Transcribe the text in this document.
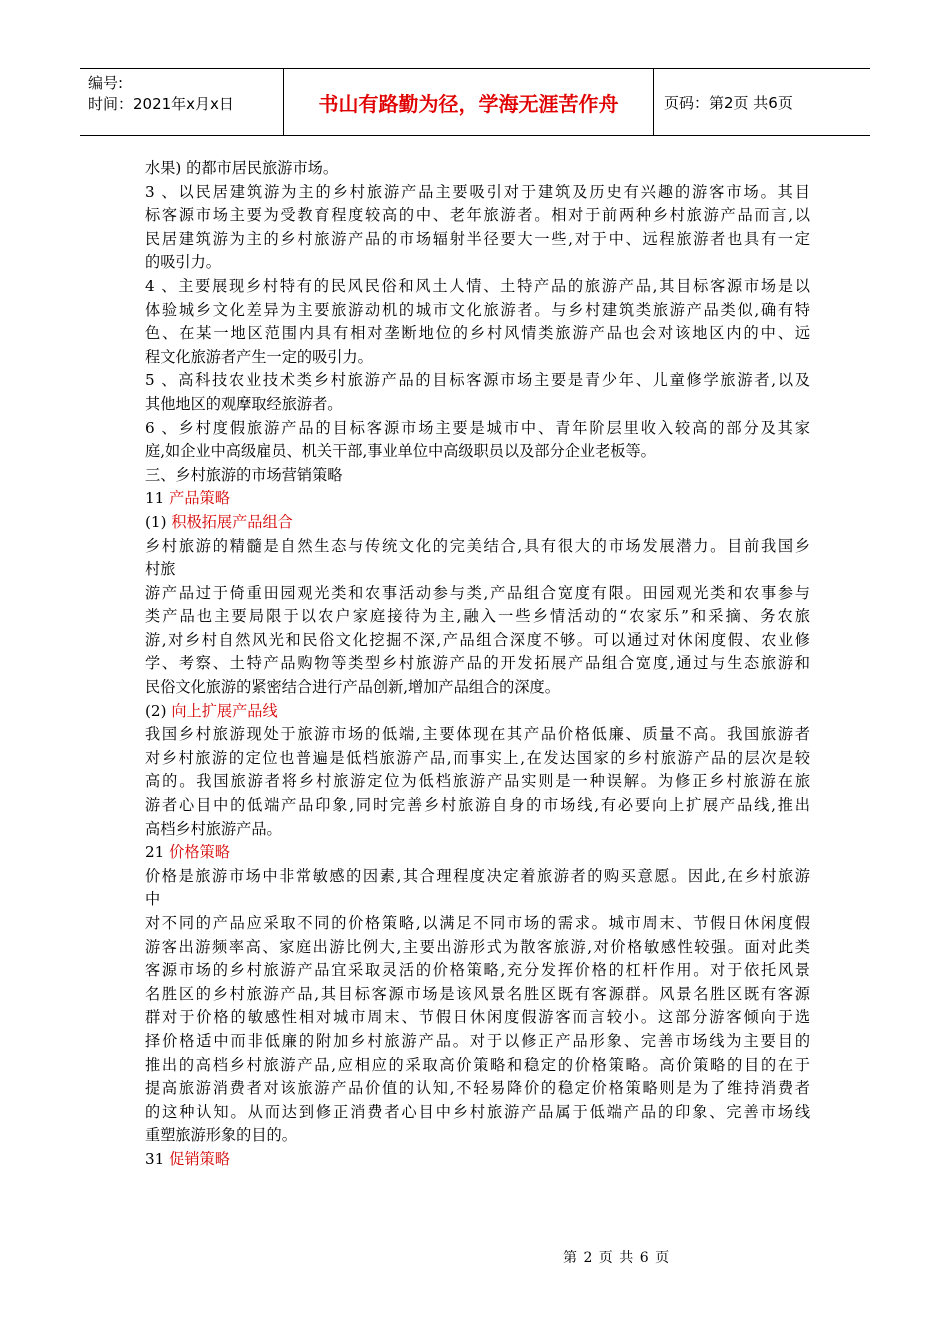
编号:
时间：2021年x月x日	书山有路勤为径，学海无涯苦作舟	页码：第2页 共6页
水果) 的都市居民旅游市场。
3 、以民居建筑游为主的乡村旅游产品主要吸引对于建筑及历史有兴趣的游客市场。其目
标客源市场主要为受教育程度较高的中、老年旅游者。相对于前两种乡村旅游产品而言,以
民居建筑游为主的乡村旅游产品的市场辐射半径要大一些,对于中、远程旅游者也具有一定
的吸引力。
4 、主要展现乡村特有的民风民俗和风土人情、土特产品的旅游产品,其目标客源市场是以
体验城乡文化差异为主要旅游动机的城市文化旅游者。与乡村建筑类旅游产品类似,确有特
色、在某一地区范围内具有相对垄断地位的乡村风情类旅游产品也会对该地区内的中、远
程文化旅游者产生一定的吸引力。
5 、高科技农业技术类乡村旅游产品的目标客源市场主要是青少年、儿童修学旅游者,以及
其他地区的观摩取经旅游者。
6 、乡村度假旅游产品的目标客源市场主要是城市中、青年阶层里收入较高的部分及其家
庭,如企业中高级雇员、机关干部,事业单位中高级职员以及部分企业老板等。
三、乡村旅游的市场营销策略
11 产品策略
(1) 积极拓展产品组合
乡村旅游的精髓是自然生态与传统文化的完美结合,具有很大的市场发展潜力。目前我国乡
村旅
游产品过于倚重田园观光类和农事活动参与类,产品组合宽度有限。田园观光类和农事参与
类产品也主要局限于以农户家庭接待为主,融入一些乡情活动的“农家乐”和采摘、务农旅
游,对乡村自然风光和民俗文化挖掘不深,产品组合深度不够。可以通过对休闲度假、农业修
学、考察、土特产品购物等类型乡村旅游产品的开发拓展产品组合宽度,通过与生态旅游和
民俗文化旅游的紧密结合进行产品创新,增加产品组合的深度。
(2) 向上扩展产品线
我国乡村旅游现处于旅游市场的低端,主要体现在其产品价格低廉、质量不高。我国旅游者
对乡村旅游的定位也普遍是低档旅游产品,而事实上,在发达国家的乡村旅游产品的层次是较
高的。我国旅游者将乡村旅游定位为低档旅游产品实则是一种误解。为修正乡村旅游在旅
游者心目中的低端产品印象,同时完善乡村旅游自身的市场线,有必要向上扩展产品线,推出
高档乡村旅游产品。
21 价格策略
价格是旅游市场中非常敏感的因素,其合理程度决定着旅游者的购买意愿。因此,在乡村旅游
中
对不同的产品应采取不同的价格策略,以满足不同市场的需求。城市周末、节假日休闲度假
游客出游频率高、家庭出游比例大,主要出游形式为散客旅游,对价格敏感性较强。面对此类
客源市场的乡村旅游产品宜采取灵活的价格策略,充分发挥价格的杠杆作用。对于依托风景
名胜区的乡村旅游产品,其目标客源市场是该风景名胜区既有客源群。风景名胜区既有客源
群对于价格的敏感性相对城市周末、节假日休闲度假游客而言较小。这部分游客倾向于选
择价格适中而非低廉的附加乡村旅游产品。对于以修正产品形象、完善市场线为主要目的
推出的高档乡村旅游产品,应相应的采取高价策略和稳定的价格策略。高价策略的目的在于
提高旅游消费者对该旅游产品价值的认知,不轻易降价的稳定价格策略则是为了维持消费者
的这种认知。从而达到修正消费者心目中乡村旅游产品属于低端产品的印象、完善市场线
重塑旅游形象的目的。
31 促销策略
第 2 页 共 6 页
